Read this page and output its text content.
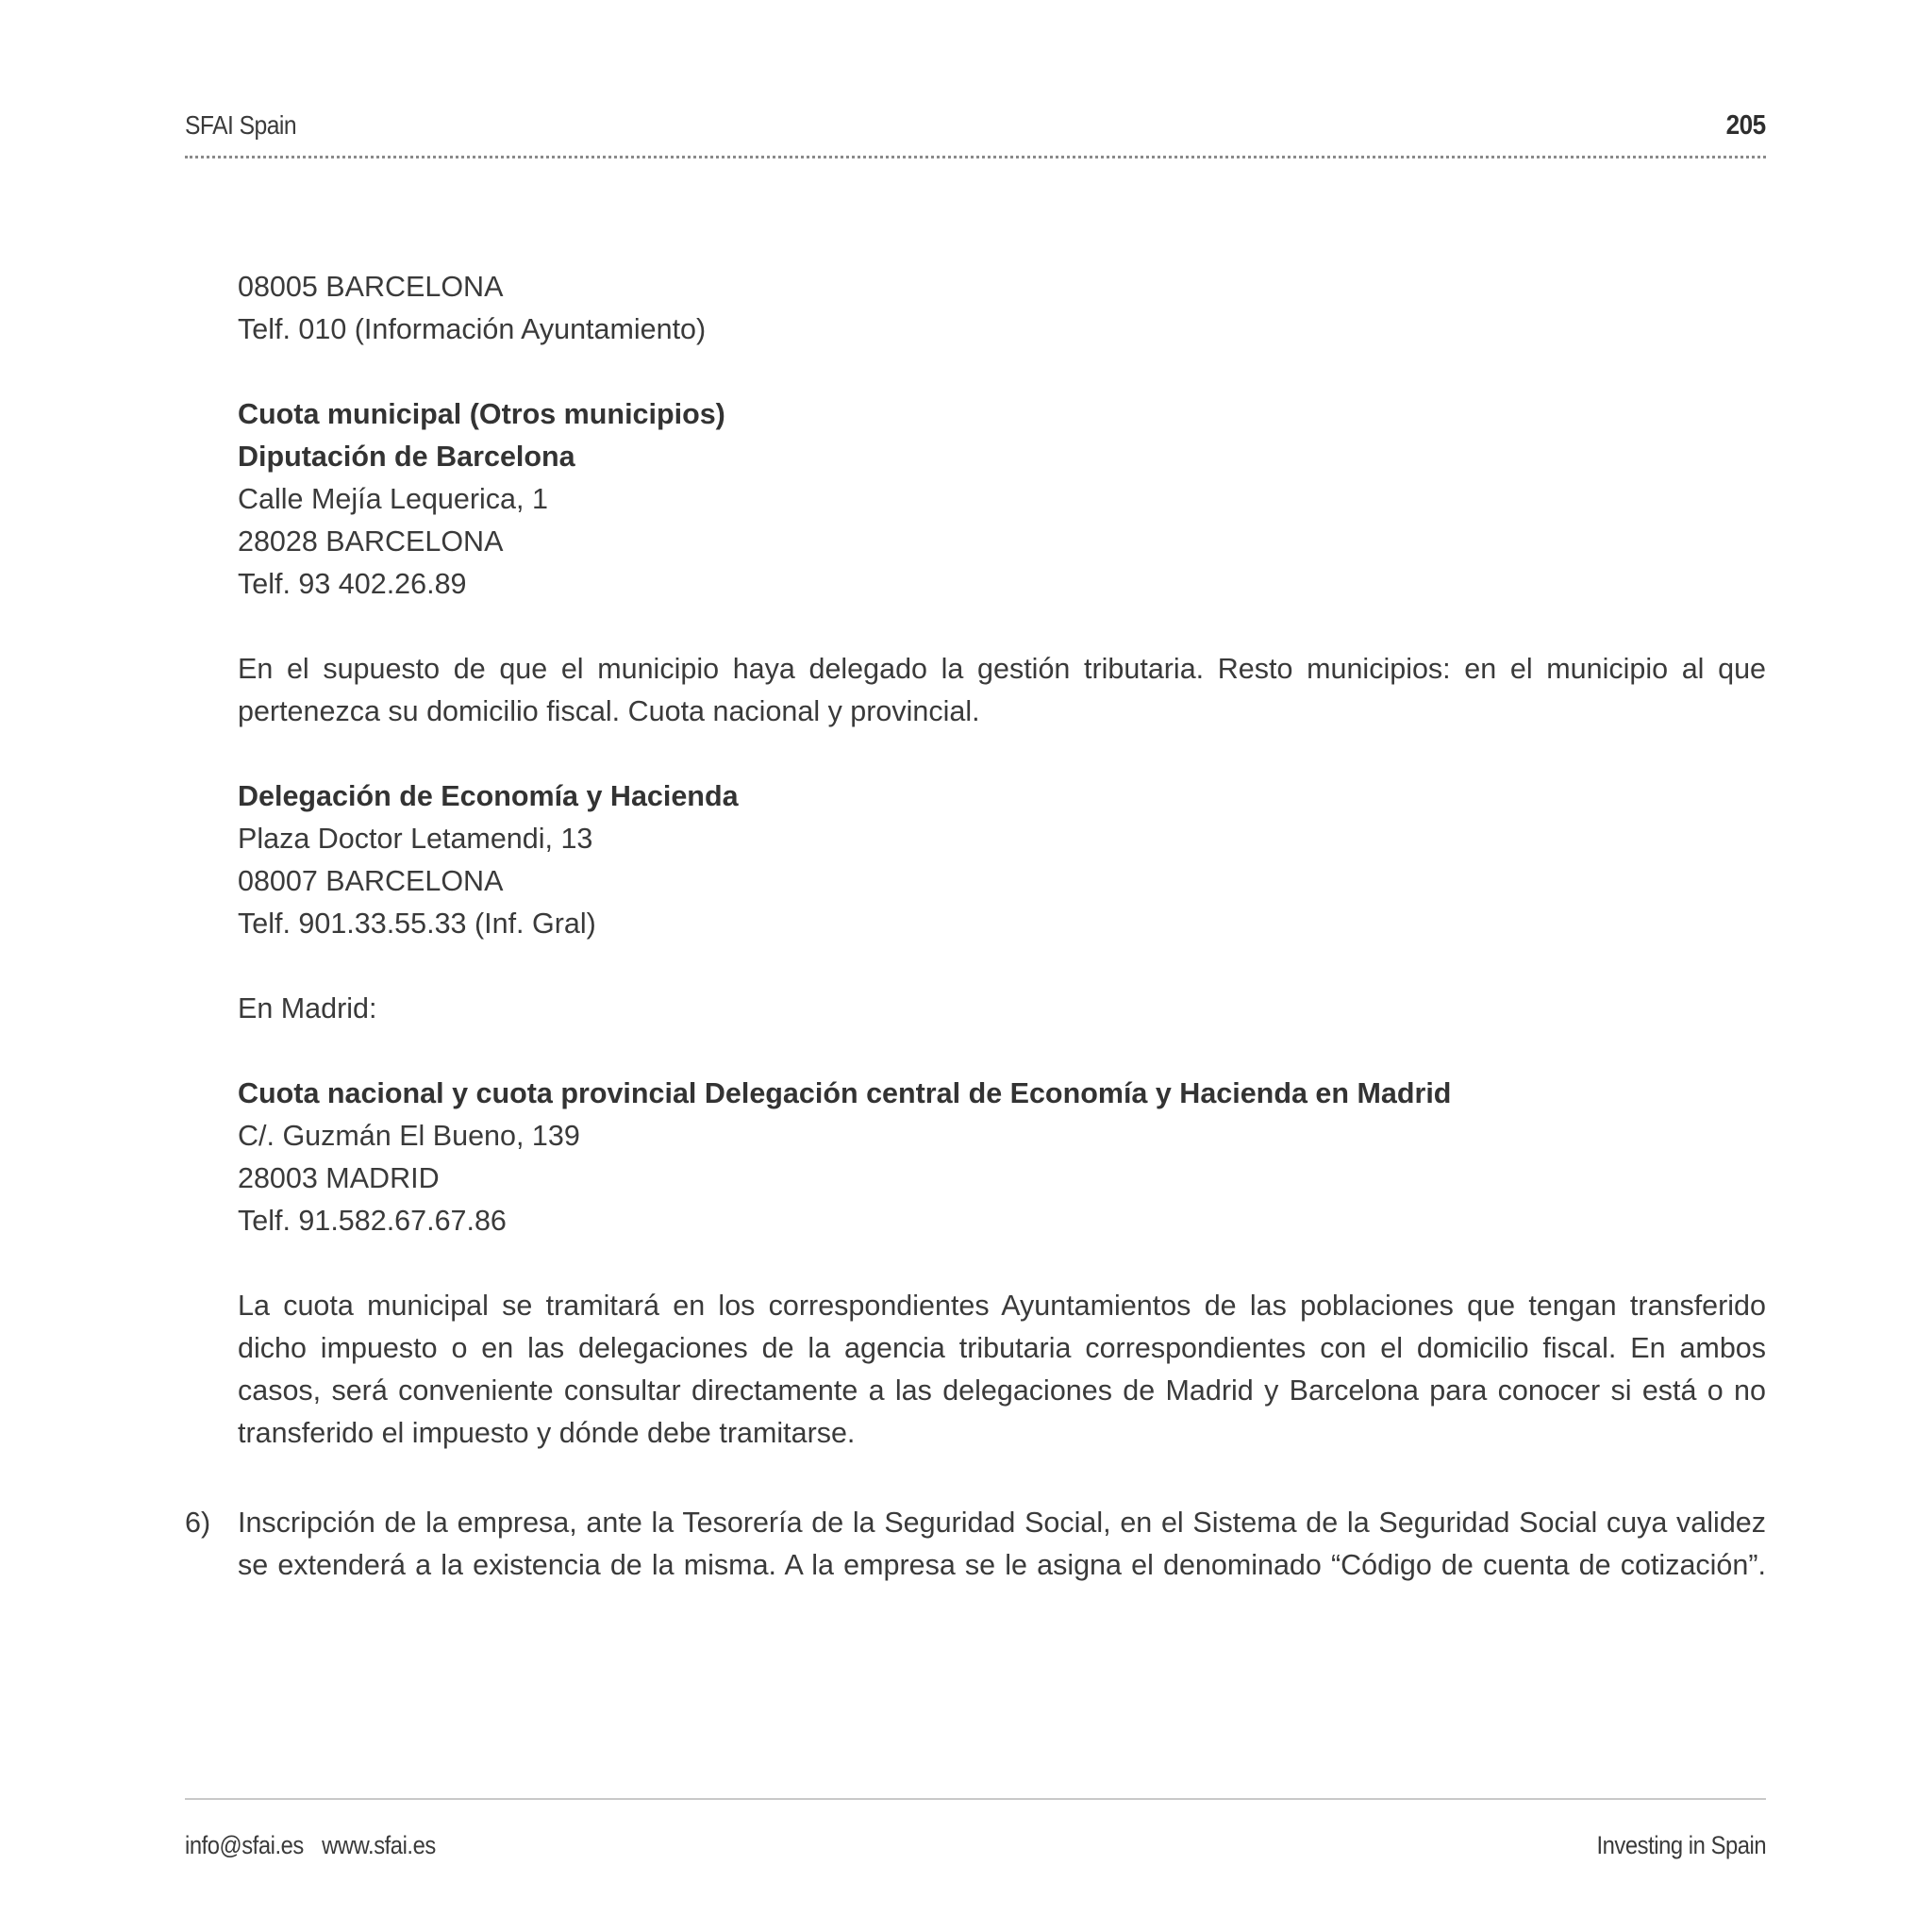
SFAI Spain	205
08005 BARCELONA
Telf. 010 (Información Ayuntamiento)
Cuota municipal (Otros municipios)
Diputación de Barcelona
Calle Mejía Lequerica, 1
28028 BARCELONA
Telf. 93 402.26.89
En el supuesto de que el municipio haya delegado la gestión tributaria. Resto municipios: en el municipio al que
pertenezca su domicilio fiscal. Cuota nacional y provincial.
Delegación de Economía y Hacienda
Plaza Doctor Letamendi, 13
08007 BARCELONA
Telf. 901.33.55.33 (Inf. Gral)
En Madrid:
Cuota nacional y cuota provincial Delegación central de Economía y Hacienda en Madrid
C/. Guzmán El Bueno, 139
28003 MADRID
Telf. 91.582.67.67.86
La cuota municipal se tramitará en los correspondientes Ayuntamientos de las poblaciones que tengan transferido
dicho impuesto o en las delegaciones de la agencia tributaria correspondientes con el domicilio fiscal. En ambos
casos, será conveniente consultar directamente a las delegaciones de Madrid y Barcelona para conocer si está o no
transferido el impuesto y dónde debe tramitarse.
6) Inscripción de la empresa, ante la Tesorería de la Seguridad Social, en el Sistema de la Seguridad Social cuya validez
se extenderá a la existencia de la misma. A la empresa se le asigna el denominado “Código de cuenta de cotización”.
info@sfai.es www.sfai.es	Investing in Spain
